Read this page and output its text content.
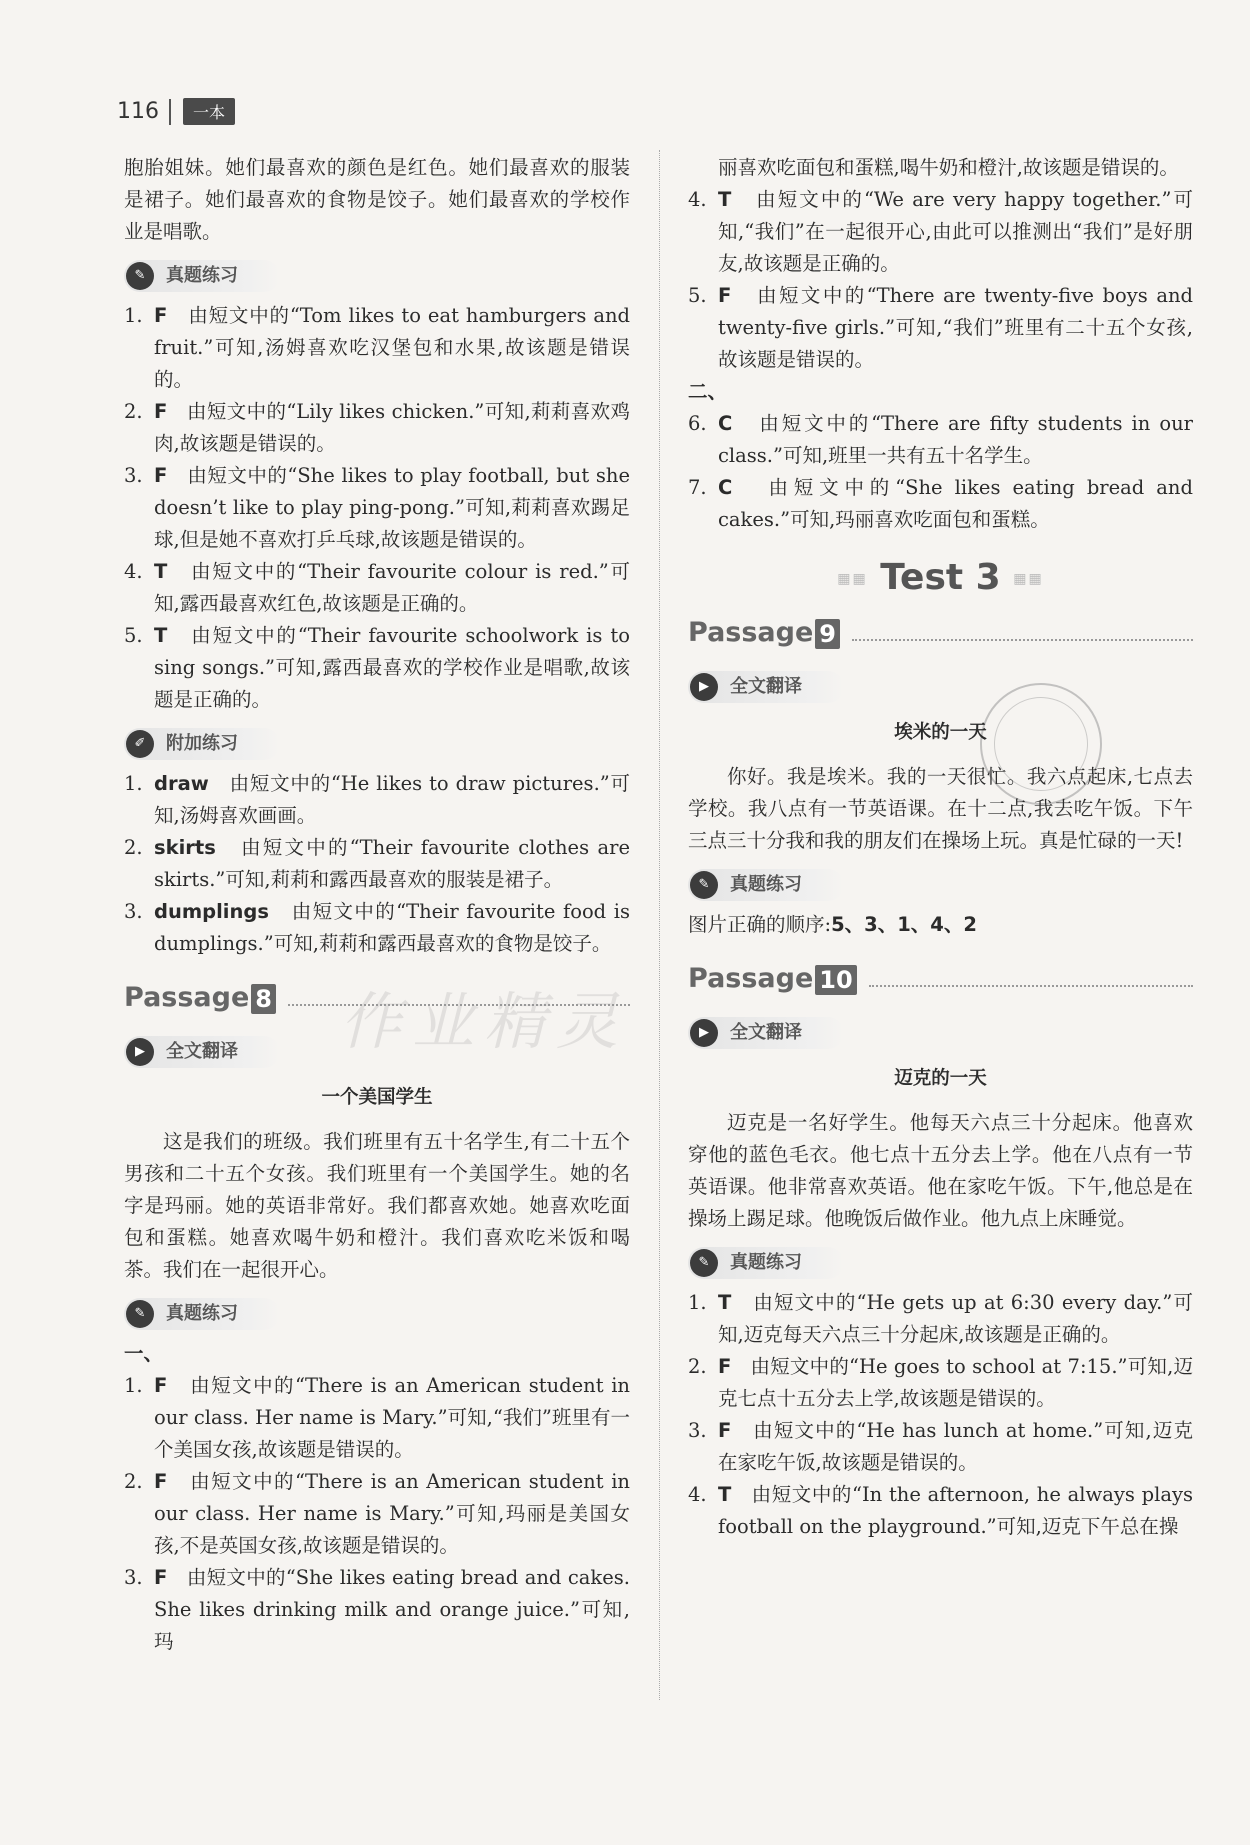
116	一本
作业精灵

胞胎姐妹。她们最喜欢的颜色是红色。她们最喜欢的服装是裙子。她们最喜欢的食物是饺子。她们最喜欢的学校作业是唱歌。

✎	真题练习
1. F 由短文中的“Tom likes to eat hamburgers and fruit.”可知,汤姆喜欢吃汉堡包和水果,故该题是错误的。
2. F 由短文中的“Lily likes chicken.”可知,莉莉喜欢鸡肉,故该题是错误的。
3. F 由短文中的“She likes to play football, but she doesn’t like to play ping-pong.”可知,莉莉喜欢踢足球,但是她不喜欢打乒乓球,故该题是错误的。
4. T 由短文中的“Their favourite colour is red.”可知,露西最喜欢红色,故该题是正确的。
5. T 由短文中的“Their favourite schoolwork is to sing songs.”可知,露西最喜欢的学校作业是唱歌,故该题是正确的。
✐	附加练习
1. draw 由短文中的“He likes to draw pictures.”可知,汤姆喜欢画画。
2. skirts 由短文中的“Their favourite clothes are skirts.”可知,莉莉和露西最喜欢的服装是裙子。
3. dumplings 由短文中的“Their favourite food is dumplings.”可知,莉莉和露西最喜欢的食物是饺子。
Passage 8
▶	全文翻译
一个美国学生

这是我们的班级。我们班里有五十名学生,有二十五个男孩和二十五个女孩。我们班里有一个美国学生。她的名字是玛丽。她的英语非常好。我们都喜欢她。她喜欢吃面包和蛋糕。她喜欢喝牛奶和橙汁。我们喜欢吃米饭和喝茶。我们在一起很开心。

✎	真题练习
一、
1. F 由短文中的“There is an American student in our class. Her name is Mary.”可知,“我们”班里有一个美国女孩,故该题是错误的。
2. F 由短文中的“There is an American student in our class. Her name is Mary.”可知,玛丽是美国女孩,不是英国女孩,故该题是错误的。
3. F 由短文中的“She likes eating bread and cakes. She likes drinking milk and orange juice.”可知,玛

丽喜欢吃面包和蛋糕,喝牛奶和橙汁,故该题是错误的。

4. T 由短文中的“We are very happy together.”可知,“我们”在一起很开心,由此可以推测出“我们”是好朋友,故该题是正确的。
5. F 由短文中的“There are twenty-five boys and twenty-five girls.”可知,“我们”班里有二十五个女孩,故该题是错误的。
二、
6. C 由短文中的“There are fifty students in our class.”可知,班里一共有五十名学生。
7. C 由短文中的“She likes eating bread and cakes.”可知,玛丽喜欢吃面包和蛋糕。
▦▦ Test 3 ▦▦
Passage 9
▶	全文翻译
埃米的一天

你好。我是埃米。我的一天很忙。我六点起床,七点去学校。我八点有一节英语课。在十二点,我去吃午饭。下午三点三十分我和我的朋友们在操场上玩。真是忙碌的一天!

✎	真题练习

图片正确的顺序:5、3、1、4、2

Passage 10
▶	全文翻译
迈克的一天

迈克是一名好学生。他每天六点三十分起床。他喜欢穿他的蓝色毛衣。他七点十五分去上学。他在八点有一节英语课。他非常喜欢英语。他在家吃午饭。下午,他总是在操场上踢足球。他晚饭后做作业。他九点上床睡觉。

✎	真题练习
1. T 由短文中的“He gets up at 6:30 every day.”可知,迈克每天六点三十分起床,故该题是正确的。
2. F 由短文中的“He goes to school at 7:15.”可知,迈克七点十五分去上学,故该题是错误的。
3. F 由短文中的“He has lunch at home.”可知,迈克在家吃午饭,故该题是错误的。
4. T 由短文中的“In the afternoon, he always plays football on the playground.”可知,迈克下午总在操
